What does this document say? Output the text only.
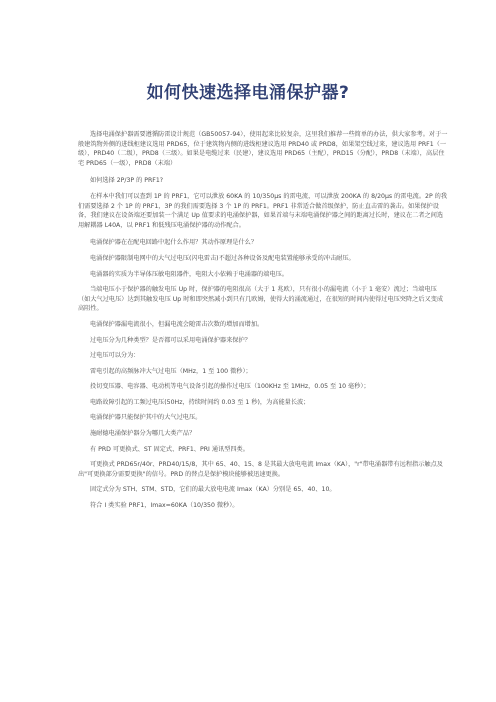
如何快速选择电涌保护器?

选择电涌保护器需要遵循防雷设计规范（GB50057-94），使用起来比较复杂，这里我们推荐一些简单的办法，供大家参考。对于一般建筑物外侧的进线柜建议选用 PRD65，位于建筑物内侧的进线柜建议选用 PRD40 或 PRD8，如果架空线过来，建议选用 PRF1（一级），PRD40（二级），PRD8（三级）。如果是电缆过来（民建），建议选用 PRD65（主配），PRD15（分配），PRD8（末端），高层住宅 PRD65（一级），PRD8（末端）

如何选择 2P/3P 的 PRF1?

在样本中我们可以查到 1P 的 PRF1，它可以泄放 60KA 的 10/350μs 的雷电流，可以泄放 200KA 的 8/20μs 的雷电流。2P 的我们需要选择 2 个 1P 的 PRF1，3P 的我们需要选择 3 个 1P 的 PRF1。PRF1 非常适合做首级保护，防止直击雷的袭击。如果保护设备，我们建议在设备端还要加装一个满足 Up 值要求的电涌保护器，如果首端与末端电涌保护器之间的距离过长时，建议在二者之间选用解耦器 L40A，以 PRF1 和低残压电涌保护器的动作配合。

电涌保护器在在配电回路中起什么作用？其动作原理是什么？

电涌保护器限制电网中的大气过电压(闪电雷击)不超过各种设备及配电装置能够承受的冲击耐压。

电涌器的实质为半导体压敏电阻器件，电阻大小依赖于电涌器的端电压。

当端电压小于保护器的触发电压 Up 时，保护器的电阻很高（大于 1 兆欧），只有很小的漏电流（小于 1 毫安）流过；当端电压（如大气过电压）达到其触发电压 Up 时和即突然减小到只有几欧姆，使得大的涌流通过，在很短的时间内使得过电压突降之后又变成高阻性。

电涌保护器漏电流很小，但漏电流会随雷击次数的增加而增加。

过电压分为几种类型？是否都可以采用电涌保护器来保护？

过电压可以分为：

雷电引起的高频脉冲大气过电压（MHz，1 至 100 微秒）；

投切变压器、电容器、电动机等电气设备引起的操作过电压（100KHz 至 1MHz，0.05 至 10 毫秒）；

电路故障引起的工频过电压(50Hz，持续时间约 0.03 至 1 秒)，为高能量长波；

电涌保护器只能保护其中的大气过电压。

施耐德电涌保护器分为哪几大类产品？

有 PRD 可更换式、ST 固定式、PRF1、PRI 通讯型四类。

可更换式 PRD65r/40r、PRD40/15/8，其中 65、40、15、8 是其最大放电电流 Imax（KA），"r"带电涌器带有远程指示触点及出"可更换部分需要更换"的信号。PRD 的替点是保护模块能够被迅速更换。

固定式分为 STH、STM、STD，它们的最大放电电流 Imax（KA）分别是 65、40、10。

符合 I 类实验 PRF1，Imax=60KA（10/350 微秒）。
